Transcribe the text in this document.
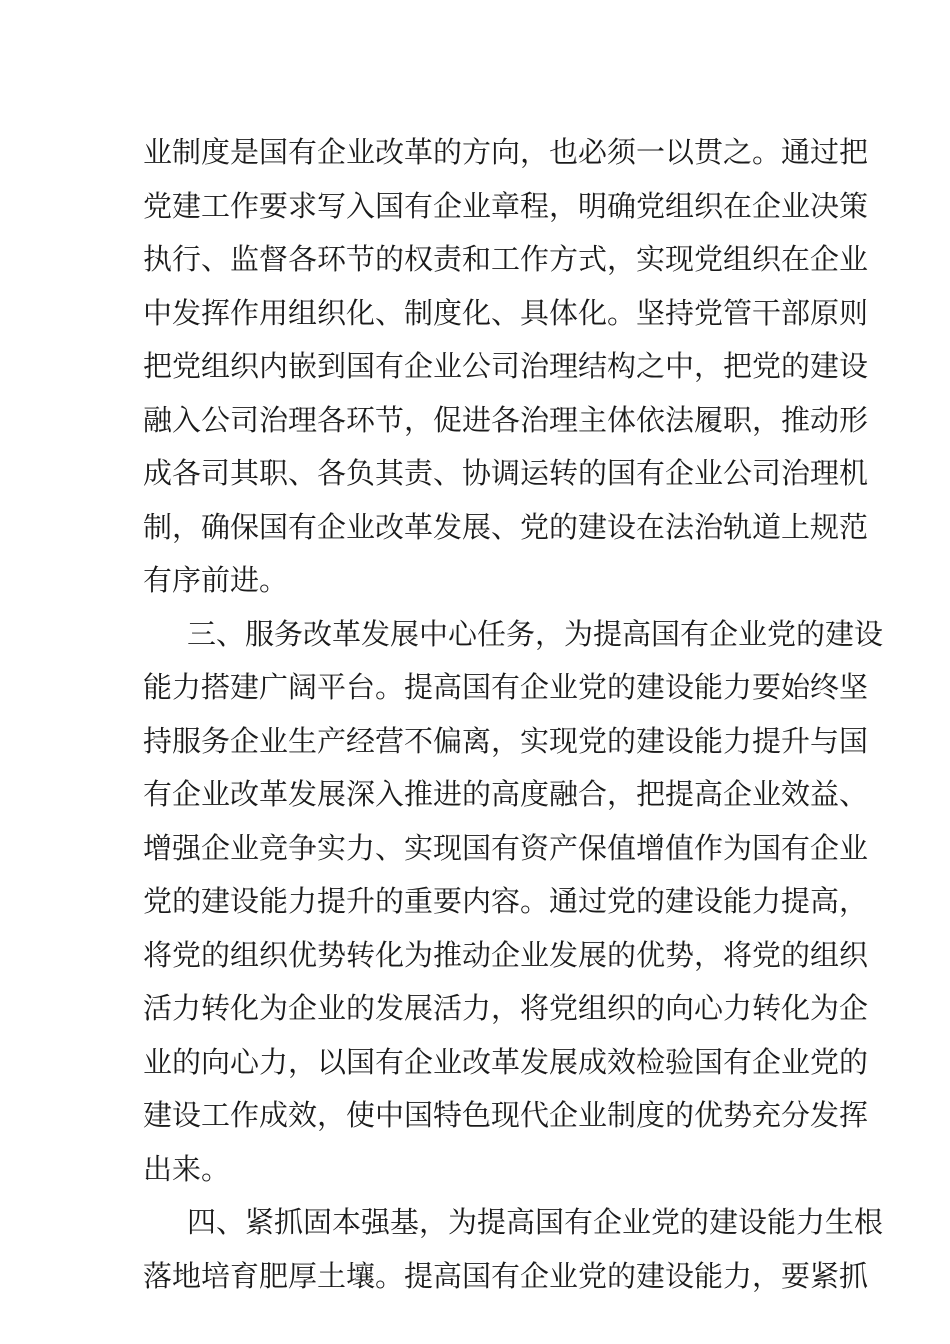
业制度是国有企业改革的方向，也必须一以贯之。通过把
党建工作要求写入国有企业章程，明确党组织在企业决策
执行、监督各环节的权责和工作方式，实现党组织在企业
中发挥作用组织化、制度化、具体化。坚持党管干部原则
把党组织内嵌到国有企业公司治理结构之中，把党的建设
融入公司治理各环节，促进各治理主体依法履职，推动形
成各司其职、各负其责、协调运转的国有企业公司治理机
制，确保国有企业改革发展、党的建设在法治轨道上规范
有序前进。
三、服务改革发展中心任务，为提高国有企业党的建设
能力搭建广阔平台。提高国有企业党的建设能力要始终坚
持服务企业生产经营不偏离，实现党的建设能力提升与国
有企业改革发展深入推进的高度融合，把提高企业效益、
增强企业竞争实力、实现国有资产保值增值作为国有企业
党的建设能力提升的重要内容。通过党的建设能力提高，
将党的组织优势转化为推动企业发展的优势，将党的组织
活力转化为企业的发展活力，将党组织的向心力转化为企
业的向心力，以国有企业改革发展成效检验国有企业党的
建设工作成效，使中国特色现代企业制度的优势充分发挥
出来。
四、紧抓固本强基，为提高国有企业党的建设能力生根
落地培育肥厚土壤。提高国有企业党的建设能力，要紧抓
